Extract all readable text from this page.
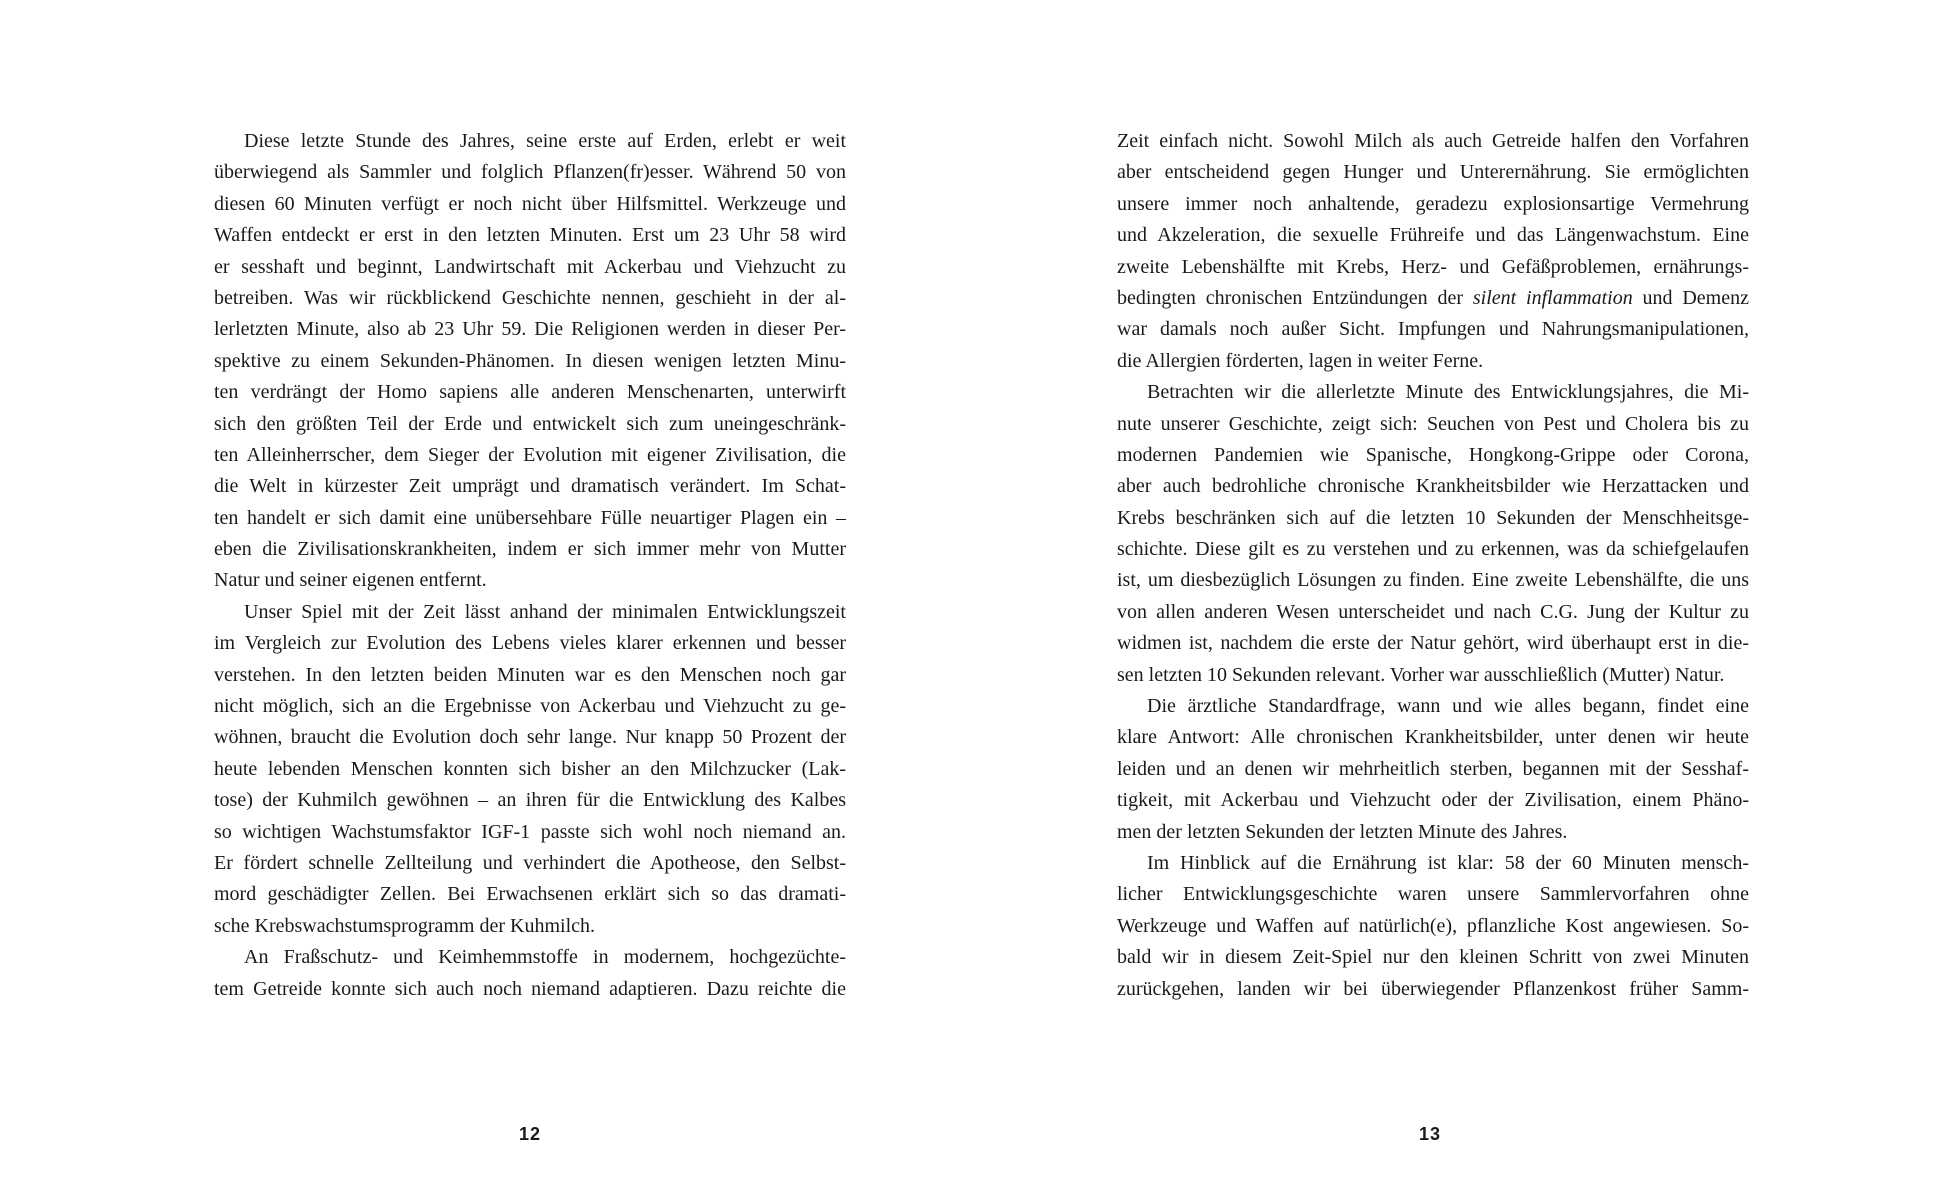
Diese letzte Stunde des Jahres, seine erste auf Erden, erlebt er weit
überwiegend als Sammler und folglich Pflanzen(fr)esser. Während 50 von
diesen 60 Minuten verfügt er noch nicht über Hilfsmittel. Werkzeuge und
Waffen entdeckt er erst in den letzten Minuten. Erst um 23 Uhr 58 wird
er sesshaft und beginnt, Landwirtschaft mit Ackerbau und Viehzucht zu
betreiben. Was wir rückblickend Geschichte nennen, geschieht in der al-
lerletzten Minute, also ab 23 Uhr 59. Die Religionen werden in dieser Per-
spektive zu einem Sekunden-Phänomen. In diesen wenigen letzten Minu-
ten verdrängt der Homo sapiens alle anderen Menschenarten, unterwirft
sich den größten Teil der Erde und entwickelt sich zum uneingeschränk-
ten Alleinherrscher, dem Sieger der Evolution mit eigener Zivilisation, die
die Welt in kürzester Zeit umprägt und dramatisch verändert. Im Schat-
ten handelt er sich damit eine unübersehbare Fülle neuartiger Plagen ein –
eben die Zivilisationskrankheiten, indem er sich immer mehr von Mutter
Natur und seiner eigenen entfernt.
Unser Spiel mit der Zeit lässt anhand der minimalen Entwicklungszeit
im Vergleich zur Evolution des Lebens vieles klarer erkennen und besser
verstehen. In den letzten beiden Minuten war es den Menschen noch gar
nicht möglich, sich an die Ergebnisse von Ackerbau und Viehzucht zu ge-
wöhnen, braucht die Evolution doch sehr lange. Nur knapp 50 Prozent der
heute lebenden Menschen konnten sich bisher an den Milchzucker (Lak-
tose) der Kuhmilch gewöhnen – an ihren für die Entwicklung des Kalbes
so wichtigen Wachstumsfaktor IGF-1 passte sich wohl noch niemand an.
Er fördert schnelle Zellteilung und verhindert die Apotheose, den Selbst-
mord geschädigter Zellen. Bei Erwachsenen erklärt sich so das dramati-
sche Krebswachstumsprogramm der Kuhmilch.
An Fraßschutz- und Keimhemmstoffe in modernem, hochgezüchte-
tem Getreide konnte sich auch noch niemand adaptieren. Dazu reichte die
12
Zeit einfach nicht. Sowohl Milch als auch Getreide halfen den Vorfahren
aber entscheidend gegen Hunger und Unterernährung. Sie ermöglichten
unsere immer noch anhaltende, geradezu explosionsartige Vermehrung
und Akzeleration, die sexuelle Frühreife und das Längenwachstum. Eine
zweite Lebenshälfte mit Krebs, Herz- und Gefäßproblemen, ernährungs-
bedingten chronischen Entzündungen der silent inflammation und Demenz
war damals noch außer Sicht. Impfungen und Nahrungsmanipulationen,
die Allergien förderten, lagen in weiter Ferne.
Betrachten wir die allerletzte Minute des Entwicklungsjahres, die Mi-
nute unserer Geschichte, zeigt sich: Seuchen von Pest und Cholera bis zu
modernen Pandemien wie Spanische, Hongkong-Grippe oder Corona,
aber auch bedrohliche chronische Krankheitsbilder wie Herzattacken und
Krebs beschränken sich auf die letzten 10 Sekunden der Menschheitsge-
schichte. Diese gilt es zu verstehen und zu erkennen, was da schiefgelaufen
ist, um diesbezüglich Lösungen zu finden. Eine zweite Lebenshälfte, die uns
von allen anderen Wesen unterscheidet und nach C.G. Jung der Kultur zu
widmen ist, nachdem die erste der Natur gehört, wird überhaupt erst in die-
sen letzten 10 Sekunden relevant. Vorher war ausschließlich (Mutter) Natur.
Die ärztliche Standardfrage, wann und wie alles begann, findet eine
klare Antwort: Alle chronischen Krankheitsbilder, unter denen wir heute
leiden und an denen wir mehrheitlich sterben, begannen mit der Sesshaf-
tigkeit, mit Ackerbau und Viehzucht oder der Zivilisation, einem Phäno-
men der letzten Sekunden der letzten Minute des Jahres.
Im Hinblick auf die Ernährung ist klar: 58 der 60 Minuten mensch-
licher Entwicklungsgeschichte waren unsere Sammlervorfahren ohne
Werkzeuge und Waffen auf natürlich(e), pflanzliche Kost angewiesen. So-
bald wir in diesem Zeit-Spiel nur den kleinen Schritt von zwei Minuten
zurückgehen, landen wir bei überwiegender Pflanzenkost früher Samm-
13
